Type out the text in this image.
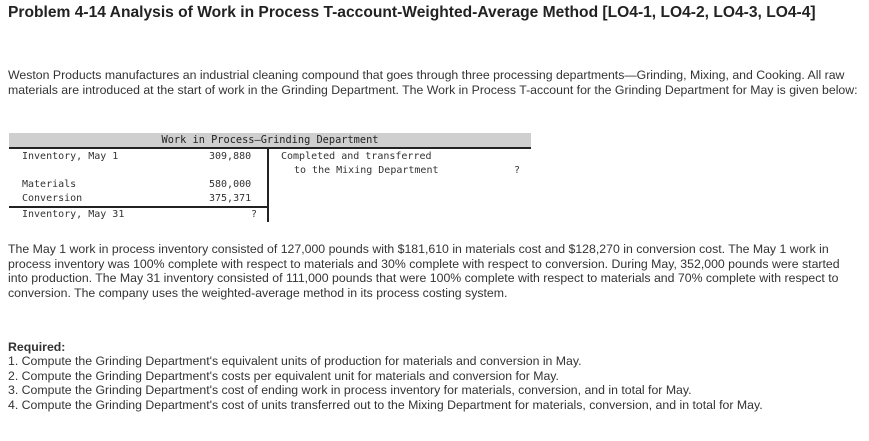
Problem 4-14 Analysis of Work in Process T-account-Weighted-Average Method [LO4-1, LO4-2, LO4-3, LO4-4]

Weston Products manufactures an industrial cleaning compound that goes through three processing departments—Grinding, Mixing, and Cooking. All raw materials are introduced at the start of work in the Grinding Department. The Work in Process T-account for the Grinding Department for May is given below:

Work in Process—Grinding Department
Inventory, May 1	309,880	Completed and transferred
to the Mixing Department	?
Materials	580,000
Conversion	375,371
Inventory, May 31	?

The May 1 work in process inventory consisted of 127,000 pounds with $181,610 in materials cost and $128,270 in conversion cost. The May 1 work in process inventory was 100% complete with respect to materials and 30% complete with respect to conversion. During May, 352,000 pounds were started into production. The May 31 inventory consisted of 111,000 pounds that were 100% complete with respect to materials and 70% complete with respect to conversion. The company uses the weighted-average method in its process costing system.

Required:
1. Compute the Grinding Department's equivalent units of production for materials and conversion in May.
2. Compute the Grinding Department's costs per equivalent unit for materials and conversion for May.
3. Compute the Grinding Department's cost of ending work in process inventory for materials, conversion, and in total for May.
4. Compute the Grinding Department's cost of units transferred out to the Mixing Department for materials, conversion, and in total for May.
